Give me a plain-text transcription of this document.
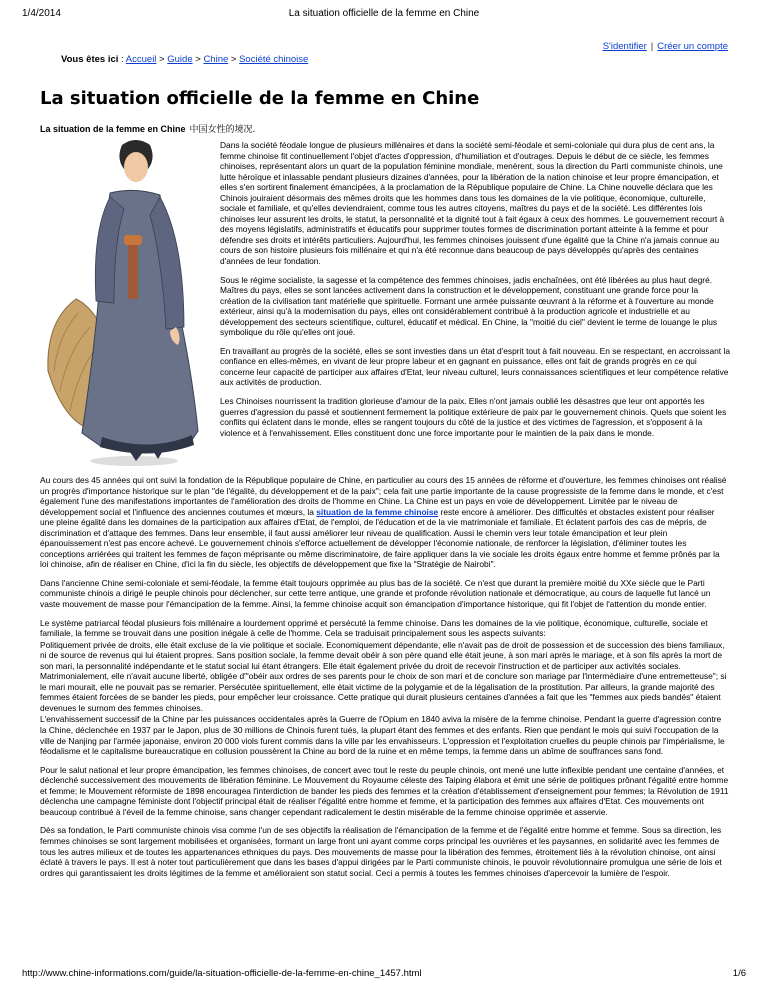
1/4/2014	La situation officielle de la femme en Chine
S'identifier | Créer un compte
Vous êtes ici : Accueil > Guide > Chine > Société chinoise
La situation officielle de la femme en Chine
La situation de la femme en Chine 中国女性的境况.

Dans la société féodale longue de plusieurs millénaires et dans la société semi-féodale et semi-coloniale qui dura plus de cent ans, la femme chinoise fit continuellement l'objet d'actes d'oppression, d'humiliation et d'outrages. Depuis le début de ce siècle, les femmes chinoises, représentant alors un quart de la population féminine mondiale, menèrent, sous la direction du Parti communiste chinois, une lutte héroïque et inlassable pendant plusieurs dizaines d'années, pour la libération de la nation chinoise et leur propre émancipation, et elles s'en sortirent finalement émancipées, à la proclamation de la République populaire de Chine. La Chine nouvelle déclara que les Chinois jouiraient désormais des mêmes droits que les hommes dans tous les domaines de la vie politique, économique, culturelle, sociale et familiale, et qu'elles deviendraient, comme tous les autres citoyens, maîtres du pays et de la société. Les différentes lois chinoises leur assurent les droits, le statut, la personnalité et la dignité tout à fait égaux à ceux des hommes. Le gouvernement recourt à des moyens législatifs, administratifs et éducatifs pour supprimer toutes formes de discrimination portant atteinte à la femme et pour défendre ses droits et intérêts particuliers. Aujourd'hui, les femmes chinoises jouissent d'une égalité que la Chine n'a jamais connue au cours de son histoire plusieurs fois millénaire et qui n'a été reconnue dans beaucoup de pays développés qu'après des centaines d'années de leur fondation.

Sous le régime socialiste, la sagesse et la compétence des femmes chinoises, jadis enchaînées, ont été libérées au plus haut degré. Maîtres du pays, elles se sont lancées activement dans la construction et le développement, constituant une grande force pour la création de la civilisation tant matérielle que spirituelle. Formant une armée puissante œuvrant à la réforme et à l'ouverture au monde extérieur, ainsi qu'à la modernisation du pays, elles ont considérablement contribué à la production agricole et industrielle et au développement des secteurs scientifique, culturel, éducatif et médical. En Chine, la "moitié du ciel" devient le terme de louange le plus symbolique du rôle qu'elles ont joué.

En travaillant au progrès de la société, elles se sont investies dans un état d'esprit tout à fait nouveau. En se respectant, en accroissant la confiance en elles-mêmes, en vivant de leur propre labeur et en gagnant en puissance, elles ont fait de grands progrès en ce qui concerne leur capacité de participer aux affaires d'Etat, leur niveau culturel, leurs connaissances scientifiques et leur compétence relative aux activités de production.

Les Chinoises nourrissent la tradition glorieuse d'amour de la paix. Elles n'ont jamais oublié les désastres que leur ont apportés les guerres d'agression du passé et soutiennent fermement la politique extérieure de paix par le gouvernement chinois. Quels que soient les conflits qui éclatent dans le monde, elles se rangent toujours du côté de la justice et des victimes de l'agression, et s'opposent à la violence et à l'envahissement. Elles constituent donc une force importante pour le maintien de la paix dans le monde.

Au cours des 45 années qui ont suivi la fondation de la République populaire de Chine, en particulier au cours des 15 années de réforme et d'ouverture, les femmes chinoises ont réalisé un progrès d'importance historique sur le plan "de l'égalité, du développement et de la paix"; cela fait une partie importante de la cause progressiste de la femme dans le monde, et c'est également l'une des manifestations importantes de l'amélioration des droits de l'homme en Chine. La Chine est un pays en voie de développement. Limitée par le niveau de développement social et l'influence des anciennes coutumes et mœurs, la situation de la femme chinoise reste encore à améliorer. Des difficultés et obstacles existent pour réaliser une pleine égalité dans les domaines de la participation aux affaires d'Etat, de l'emploi, de l'éducation et de la vie matrimoniale et familiale. Et éclatent parfois des cas de mépris, de discrimination et d'attaque des femmes. Dans leur ensemble, il faut aussi améliorer leur niveau de qualification. Aussi le chemin vers leur totale émancipation et leur plein épanouissement n'est pas encore achevé. Le gouvernement chinois s'efforce actuellement de développer l'économie nationale, de renforcer la législation, d'éliminer toutes les conceptions arriérées qui traitent les femmes de façon méprisante ou même discriminatoire, de faire appliquer dans la vie sociale les droits égaux entre homme et femme prônés par la loi chinoise, afin de réaliser en Chine, d'ici la fin du siècle, les objectifs de développement que fixe la "Stratégie de Nairobi".

Dans l'ancienne Chine semi-coloniale et semi-féodale, la femme était toujours opprimée au plus bas de la société. Ce n'est que durant la première moitié du XXe siècle que le Parti communiste chinois a dirigé le peuple chinois pour déclencher, sur cette terre antique, une grande et profonde révolution nationale et démocratique, au cours de laquelle fut lancé un vaste mouvement de masse pour l'émancipation de la femme. Ainsi, la femme chinoise acquit son émancipation d'importance historique, qui fit l'objet de l'attention du monde entier.

Le système patriarcal féodal plusieurs fois millénaire a lourdement opprimé et persécuté la femme chinoise. Dans les domaines de la vie politique, économique, culturelle, sociale et familiale, la femme se trouvait dans une position inégale à celle de l'homme. Cela se traduisait principalement sous les aspects suivants:

Politiquement privée de droits, elle était excluse de la vie politique et sociale. Economiquement dépendante, elle n'avait pas de droit de possession et de succession des biens familiaux, ni de source de revenus qui lui étaient propres. Sans position sociale, la femme devait obéir à son père quand elle était jeune, à son mari après le mariage, et à son fils après la mort de son mari, la personnalité indépendante et le statut social lui étant étrangers. Elle était également privée du droit de recevoir l'instruction et de participer aux activités sociales. Matrimonialement, elle n'avait aucune liberté, obligée d'"obéir aux ordres de ses parents pour le choix de son mari et de conclure son mariage par l'intermédiaire d'une entremetteuse"; si le mari mourait, elle ne pouvait pas se remarier. Persécutée spirituellement, elle était victime de la polygamie et de la légalisation de la prostitution. Par ailleurs, la grande majorité des femmes étaient forcées de se bander les pieds, pour empêcher leur croissance. Cette pratique qui durait plusieurs centaines d'années a fait que les "femmes aux pieds bandés" étaient devenues le surnom des femmes chinoises.

L'envahissement successif de la Chine par les puissances occidentales après la Guerre de l'Opium en 1840 aviva la misère de la femme chinoise. Pendant la guerre d'agression contre la Chine, déclenchée en 1937 par le Japon, plus de 30 millions de Chinois furent tués, la plupart étant des femmes et des enfants. Rien que pendant le mois qui suivi l'occupation de la ville de Nanjing par l'armée japonaise, environ 20 000 viols furent commis dans la ville par les envahisseurs. L'oppression et l'exploitation cruelles du peuple chinois par l'impérialisme, le féodalisme et le capitalisme bureaucratique en collusion poussèrent la Chine au bord de la ruine et en même temps, la femme dans un abîme de souffrances sans fond.

Pour le salut national et leur propre émancipation, les femmes chinoises, de concert avec tout le reste du peuple chinois, ont mené une lutte inflexible pendant une centaine d'années, et déclenché successivement des mouvements de libération féminine. Le Mouvement du Royaume céleste des Taiping élabora et émit une série de politiques prônant l'égalité entre homme et femme; le Mouvement réformiste de 1898 encouragea l'interdiction de bander les pieds des femmes et la création d'établissement d'enseignement pour femmes; la Révolution de 1911 déclencha une campagne féministe dont l'objectif principal était de réaliser l'égalité entre homme et femme, et la participation des femmes aux affaires d'Etat. Ces mouvements ont beaucoup contribué à l'éveil de la femme chinoise, sans changer cependant radicalement le destin misérable de la femme chinoise opprimée et asservie.

Dès sa fondation, le Parti communiste chinois visa comme l'un de ses objectifs la réalisation de l'émancipation de la femme et de l'égalité entre homme et femme. Sous sa direction, les femmes chinoises se sont largement mobilisées et organisées, formant un large front uni ayant comme corps principal les ouvrières et les paysannes, en solidarité avec les femmes de tous les autres milieux et de toutes les appartenances ethniques du pays. Des mouvements de masse pour la libération des femmes, étroitement liés à la révolution chinoise, ont ainsi éclaté à travers le pays. Il est à noter tout particulièrement que dans les bases d'appui dirigées par le Parti communiste chinois, le pouvoir révolutionnaire promulgua une série de lois et ordres qui garantissaient les droits légitimes de la femme et amélioraient son statut social. Ceci a permis à toutes les femmes chinoises d'apercevoir la lumière de l'espoir.

http://www.chine-informations.com/guide/la-situation-officielle-de-la-femme-en-chine_1457.html	1/6
